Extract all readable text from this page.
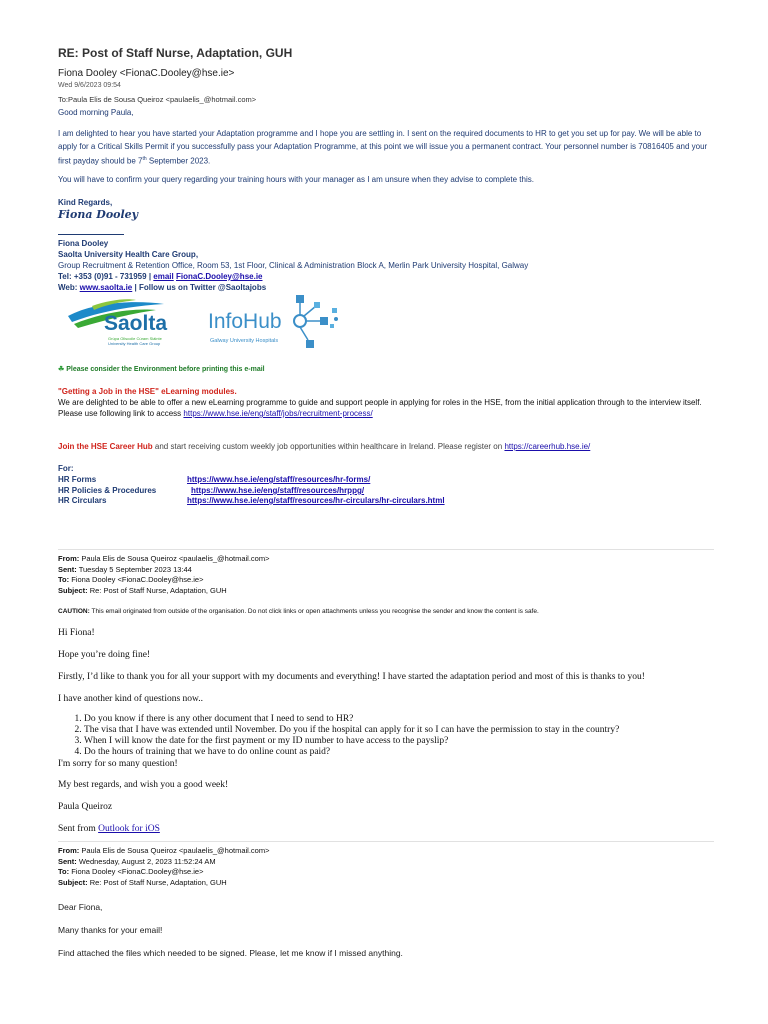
RE: Post of Staff Nurse, Adaptation, GUH
Fiona Dooley <FionaC.Dooley@hse.ie>
Wed 9/6/2023 09:54
To:Paula Elis de Sousa Queiroz <paulaelis_@hotmail.com>
Good morning Paula,
I am delighted to hear you have started your Adaptation programme and I hope you are settling in. I sent on the required documents to HR to get you set up for pay. We will be able to apply for a Critical Skills Permit if you successfully pass your Adaptation Programme, at this point we will issue you a permanent contract. Your personnel number is 70816405 and your first payday should be 7th September 2023.
You will have to confirm your query regarding your training hours with your manager as I am unsure when they advise to complete this.
Kind Regards,
Fiona Dooley
Fiona Dooley
Saolta University Health Care Group,
Group Recruitment & Retention Office, Room 53, 1st Floor, Clinical & Administration Block A, Merlin Park University Hospital, Galway
Tel: +353 (0)91 - 731959 | email FionaC.Dooley@hse.ie
Web: www.saolta.ie | Follow us on Twitter @Saoltajobs
Saolta
Grúpa Ollscoile Cúram Sláinte
University Health Care Group
InfoHub
Galway University Hospitals
☘ Please consider the Environment before printing this e-mail
"Getting a Job in the HSE" eLearning modules.
We are delighted to be able to offer a new eLearning programme to guide and support people in applying for roles in the HSE, from the initial application through to the interview itself.
Please use following link to access https://www.hse.ie/eng/staff/jobs/recruitment-process/
Join the HSE Career Hub and start receiving custom weekly job opportunities within healthcare in Ireland. Please register on https://careerhub.hse.ie/
For:
HR Forms	https://www.hse.ie/eng/staff/resources/hr-forms/
HR Policies & Procedures	https://www.hse.ie/eng/staff/resources/hrppg/
HR Circulars	https://www.hse.ie/eng/staff/resources/hr-circulars/hr-circulars.html
From: Paula Elis de Sousa Queiroz <paulaelis_@hotmail.com>
Sent: Tuesday 5 September 2023 13:44
To: Fiona Dooley <FionaC.Dooley@hse.ie>
Subject: Re: Post of Staff Nurse, Adaptation, GUH
CAUTION: This email originated from outside of the organisation. Do not click links or open attachments unless you recognise the sender and know the content is safe.
Hi Fiona!
Hope you’re doing fine!
Firstly, I’d like to thank you for all your support with my documents and everything! I have started the adaptation period and most of this is thanks to you!
I have another kind of questions now..
1. Do you know if there is any other document that I need to send to HR?
2. The visa that I have was extended until November. Do you if the hospital can apply for it so I can have the permission to stay in the country?
3. When I will know the date for the first payment or my ID number to have access to the payslip?
4. Do the hours of training that we have to do online count as paid?
I'm sorry for so many question!
My best regards, and wish you a good week!
Paula Queiroz
Sent from Outlook for iOS
From: Paula Elis de Sousa Queiroz <paulaelis_@hotmail.com>
Sent: Wednesday, August 2, 2023 11:52:24 AM
To: Fiona Dooley <FionaC.Dooley@hse.ie>
Subject: Re: Post of Staff Nurse, Adaptation, GUH
Dear Fiona,
Many thanks for your email!
Find attached the files which needed to be signed. Please, let me know if I missed anything.
